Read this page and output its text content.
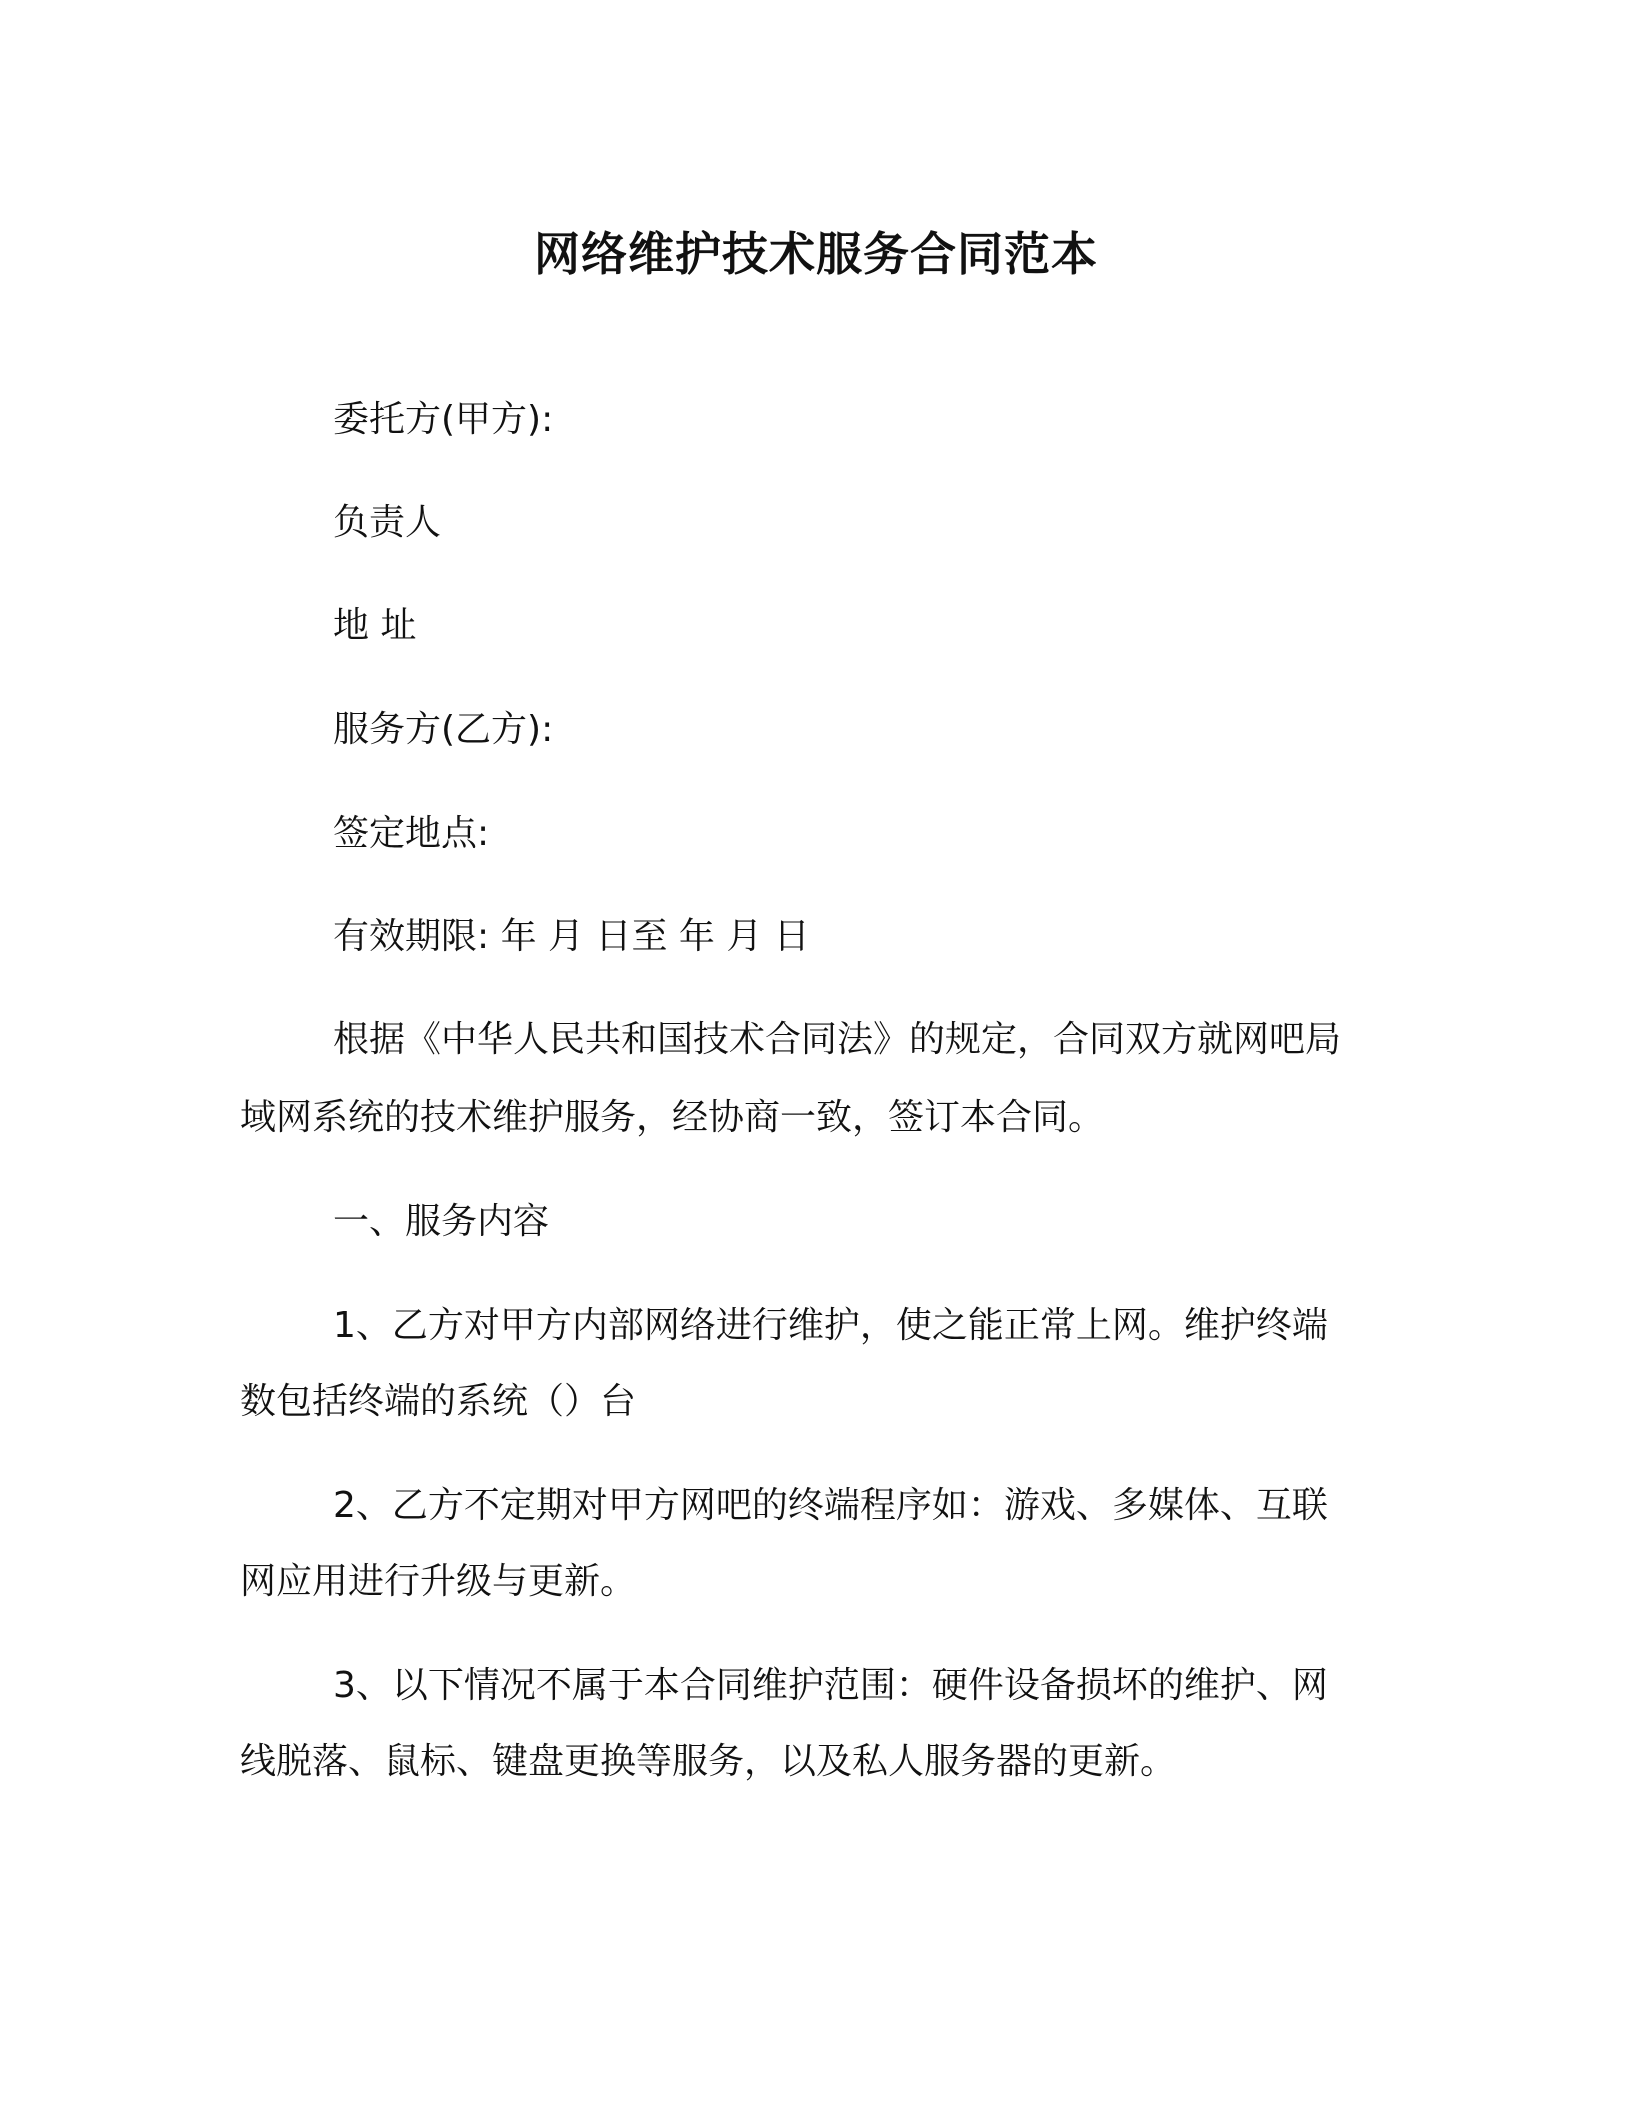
网络维护技术服务合同范本
委托方(甲方):
负责人
地 址
服务方(乙方):
签定地点:
有效期限: 年 月 日至 年 月 日
根据《中华人民共和国技术合同法》的规定，合同双方就网吧局
域网系统的技术维护服务，经协商一致，签订本合同。
一、服务内容
1、乙方对甲方内部网络进行维护，使之能正常上网。维护终端
数包括终端的系统（）台
2、乙方不定期对甲方网吧的终端程序如：游戏、多媒体、互联
网应用进行升级与更新。
3、以下情况不属于本合同维护范围：硬件设备损坏的维护、网
线脱落、鼠标、键盘更换等服务，以及私人服务器的更新。
